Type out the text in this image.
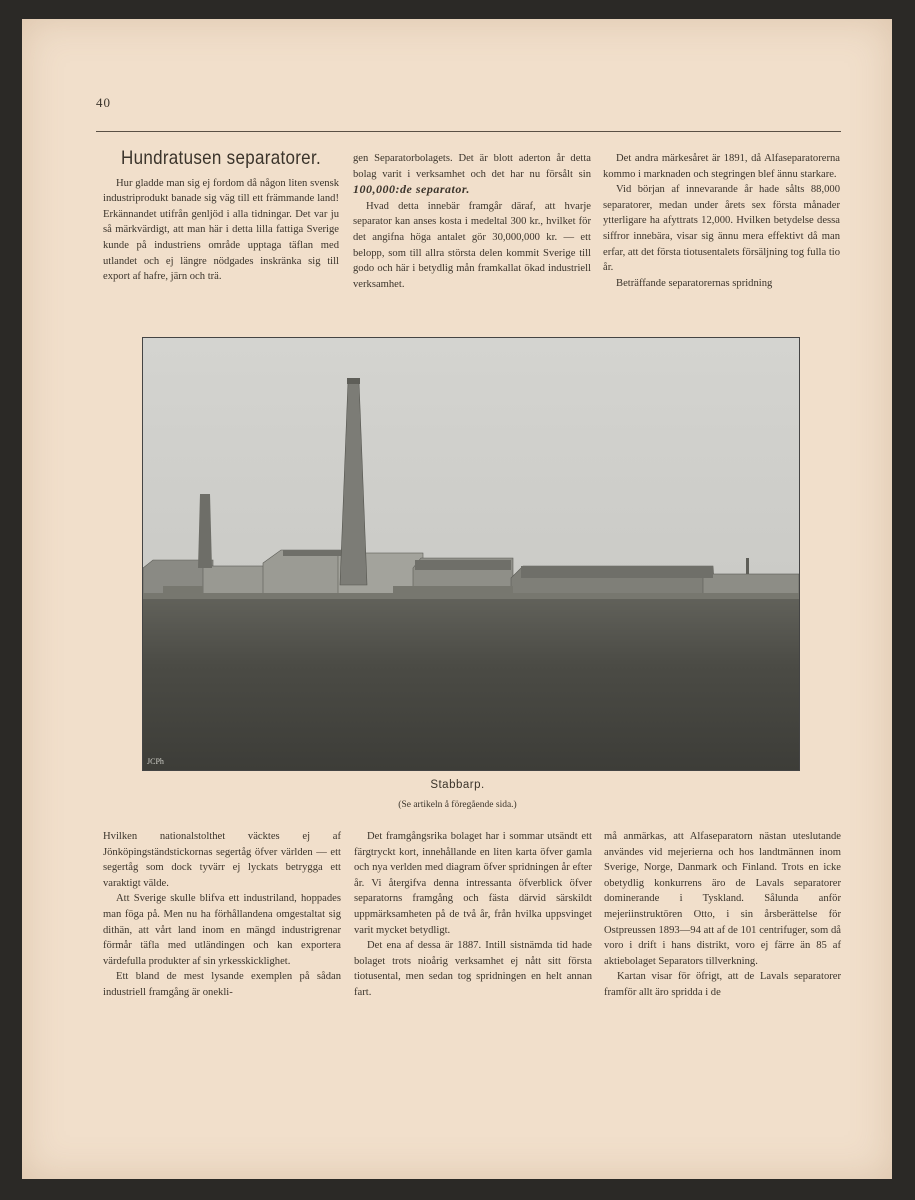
40
Hundratusen separatorer.

Hur gladde man sig ej fordom då någon liten svensk industriprodukt banade sig väg till ett främmande land! Erkännandet utifrån genljöd i alla tidningar. Det var ju så märkvärdigt, att man här i detta lilla fattiga Sverige kunde på industriens område upptaga täflan med utlandet och ej längre nödgades inskränka sig till export af hafre, järn och trä.

gen Separatorbolagets. Det är blott aderton år detta bolag varit i verksamhet och det har nu försålt sin 100,000:de separator.

Hvad detta innebär framgår däraf, att hvarje separator kan anses kosta i medeltal 300 kr., hvilket för det angifna höga antalet gör 30,000,000 kr. — ett belopp, som till allra största delen kommit Sverige till godo och här i betydlig mån framkallat ökad industriell verksamhet.

Det andra märkesåret är 1891, då Alfaseparatorerna kommo i marknaden och stegringen blef ännu starkare.

Vid början af innevarande år hade sålts 88,000 separatorer, medan under årets sex första månader ytterligare ha afyttrats 12,000. Hvilken betydelse dessa siffror innebära, visar sig ännu mera effektivt då man erfar, att det första tiotusentalets försäljning tog fulla tio år.

Beträffande separatorernas spridning

JCPh
Stabbarp.
(Se artikeln å föregående sida.)

Hvilken nationalstolthet väcktes ej af Jönköpingständstickornas segertåg öfver världen — ett segertåg som dock tyvärr ej lyckats betrygga ett varaktigt välde.

Att Sverige skulle blifva ett industriland, hoppades man föga på. Men nu ha förhållandena omgestaltat sig dithän, att vårt land inom en mängd industrigrenar förmår täfla med utländingen och kan exportera värdefulla produkter af sin yrkesskicklighet.

Ett bland de mest lysande exemplen på sådan industriell framgång är onekli-

Det framgångsrika bolaget har i sommar utsändt ett färgtryckt kort, innehållande en liten karta öfver gamla och nya verlden med diagram öfver spridningen år efter år. Vi återgifva denna intressanta öfverblick öfver separatorns framgång och fästa därvid särskildt uppmärksamheten på de två år, från hvilka uppsvinget varit mycket betydligt.

Det ena af dessa är 1887. Intill sistnämda tid hade bolaget trots nioårig verksamhet ej nått sitt första tiotusental, men sedan tog spridningen en helt annan fart.

må anmärkas, att Alfaseparatorn nästan uteslutande användes vid mejerierna och hos landtmännen inom Sverige, Norge, Danmark och Finland. Trots en icke obetydlig konkurrens äro de Lavals separatorer dominerande i Tyskland. Sålunda anför mejeriinstruktören Otto, i sin årsberättelse för Ostpreussen 1893—94 att af de 101 centrifuger, som då voro i drift i hans distrikt, voro ej färre än 85 af aktiebolaget Separators tillverkning.

Kartan visar för öfrigt, att de Lavals separatorer framför allt äro spridda i de
